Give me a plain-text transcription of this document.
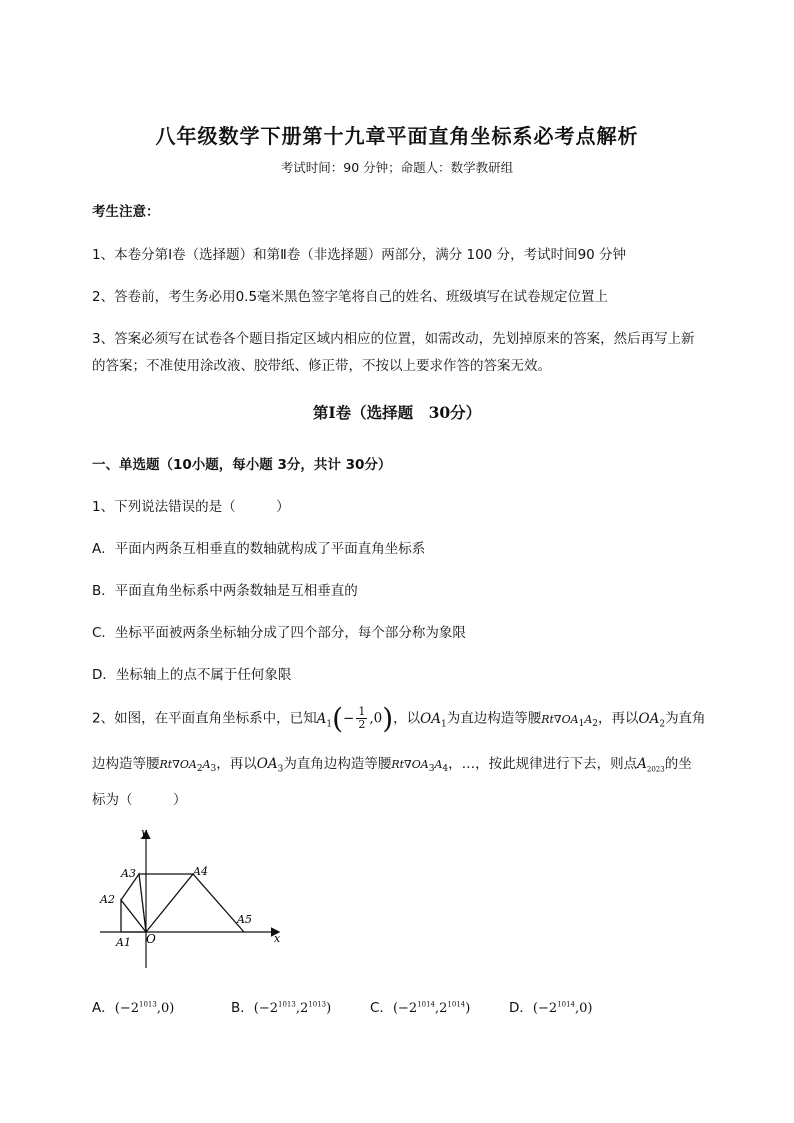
八年级数学下册第十九章平面直角坐标系必考点解析
考试时间：90 分钟；命题人：数学教研组
考生注意：
1、本卷分第Ⅰ卷（选择题）和第Ⅱ卷（非选择题）两部分，满分 100 分，考试时间90 分钟
2、答卷前，考生务必用0.5毫米黑色签字笔将自己的姓名、班级填写在试卷规定位置上
3、答案必须写在试卷各个题目指定区域内相应的位置，如需改动，先划掉原来的答案，然后再写上新
的答案；不准使用涂改液、胶带纸、修正带，不按以上要求作答的答案无效。
第Ⅰ卷（选择题　30分）
一、单选题（10小题，每小题 3分，共计 30分）
1、下列说法错误的是（　　　）
A．平面内两条互相垂直的数轴就构成了平面直角坐标系
B．平面直角坐标系中两条数轴是互相垂直的
C．坐标平面被两条坐标轴分成了四个部分，每个部分称为象限
D．坐标轴上的点不属于任何象限
2、如图，在平面直角坐标系中，已知$A_1(- \frac{1}{2} ,0)$，以$OA_1$为直边构造等腰$Rt\nabla OA_1A_2$，再以$OA_2$为直角
边构造等腰$Rt\nabla OA_2A_3$，再以$OA_3$为直角边构造等腰$Rt\nabla OA_3A_4$，…，按此规律进行下去，则点$A_{2023}$的坐
标为（　　　）
y
x
O
A1
A2
A3	A4
A5
A．$(-2^{1013},0)$	B．$(-2^{1013},2^{1013})$	C．$(-2^{1014},2^{1014})$	D．$(-2^{1014},0)$
